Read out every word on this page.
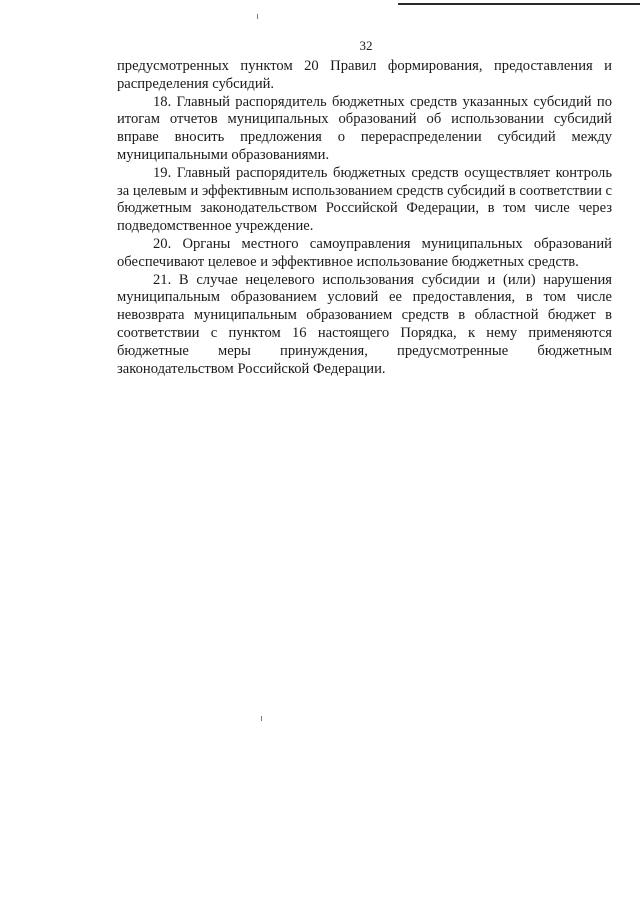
32

предусмотренных пунктом 20 Правил формирования, предоставления и распределения субсидий.

18. Главный распорядитель бюджетных средств указанных субсидий по итогам отчетов муниципальных образований об использовании субсидий вправе вносить предложения о перераспределении субсидий между муниципальными образованиями.

19. Главный распорядитель бюджетных средств осуществляет контроль за целевым и эффективным использованием средств субсидий в соответствии с бюджетным законодательством Российской Федерации, в том числе через подведомственное учреждение.

20. Органы местного самоуправления муниципальных образований обеспечивают целевое и эффективное использование бюджетных средств.

21. В случае нецелевого использования субсидии и (или) нарушения муниципальным образованием условий ее предоставления, в том числе невозврата муниципальным образованием средств в областной бюджет в соответствии с пунктом 16 настоящего Порядка, к нему применяются бюджетные меры принуждения, предусмотренные бюджетным законодательством Российской Федерации.
